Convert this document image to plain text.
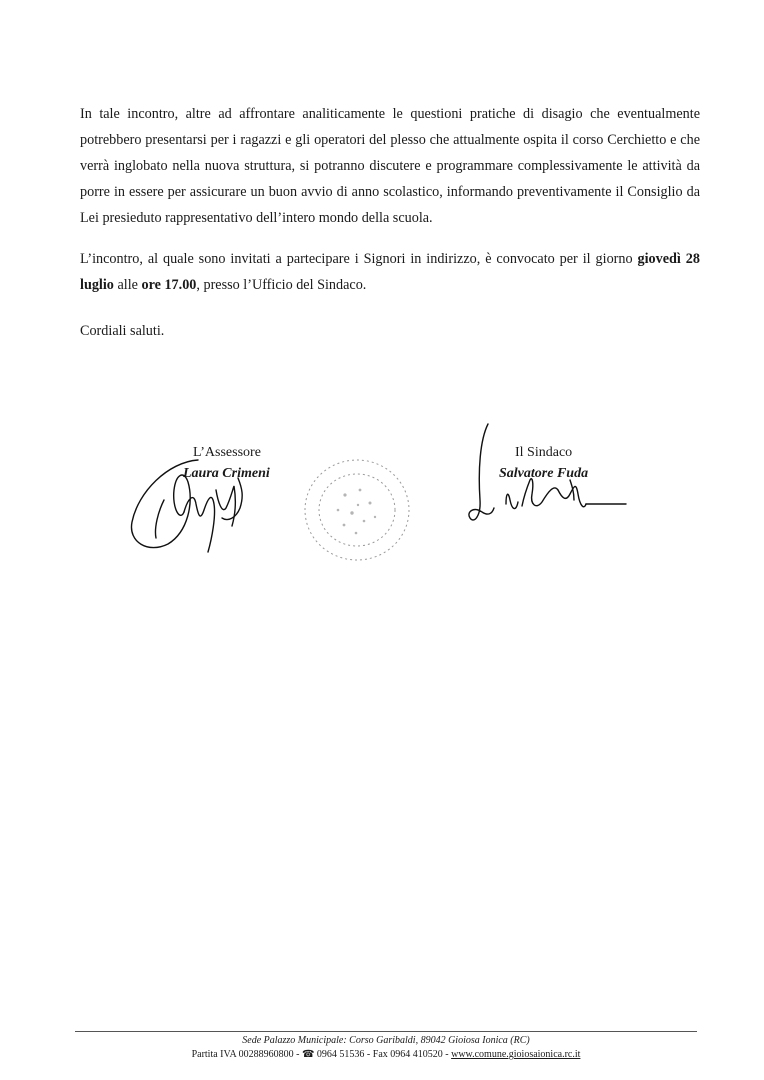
In tale incontro, altre ad affrontare analiticamente le questioni pratiche di disagio che eventualmente potrebbero presentarsi per i ragazzi e gli operatori del plesso che attualmente ospita il corso Cerchietto e che verrà inglobato nella nuova struttura, si potranno discutere e programmare complessivamente le attività da porre in essere per assicurare un buon avvio di anno scolastico, informando preventivamente il Consiglio da Lei presieduto rappresentativo dell’intero mondo della scuola.

L’incontro, al quale sono invitati a partecipare i Signori in indirizzo, è convocato per il giorno giovedì 28 luglio alle ore 17.00, presso l’Ufficio del Sindaco.

Cordiali saluti.

L’Assessore
Laura Crimeni
Il Sindaco
Salvatore Fuda
Sede Palazzo Municipale: Corso Garibaldi, 89042 Gioiosa Ionica (RC)
Partita IVA 00288960800 - ☎ 0964 51536 - Fax 0964 410520 - www.comune.gioiosaionica.rc.it
